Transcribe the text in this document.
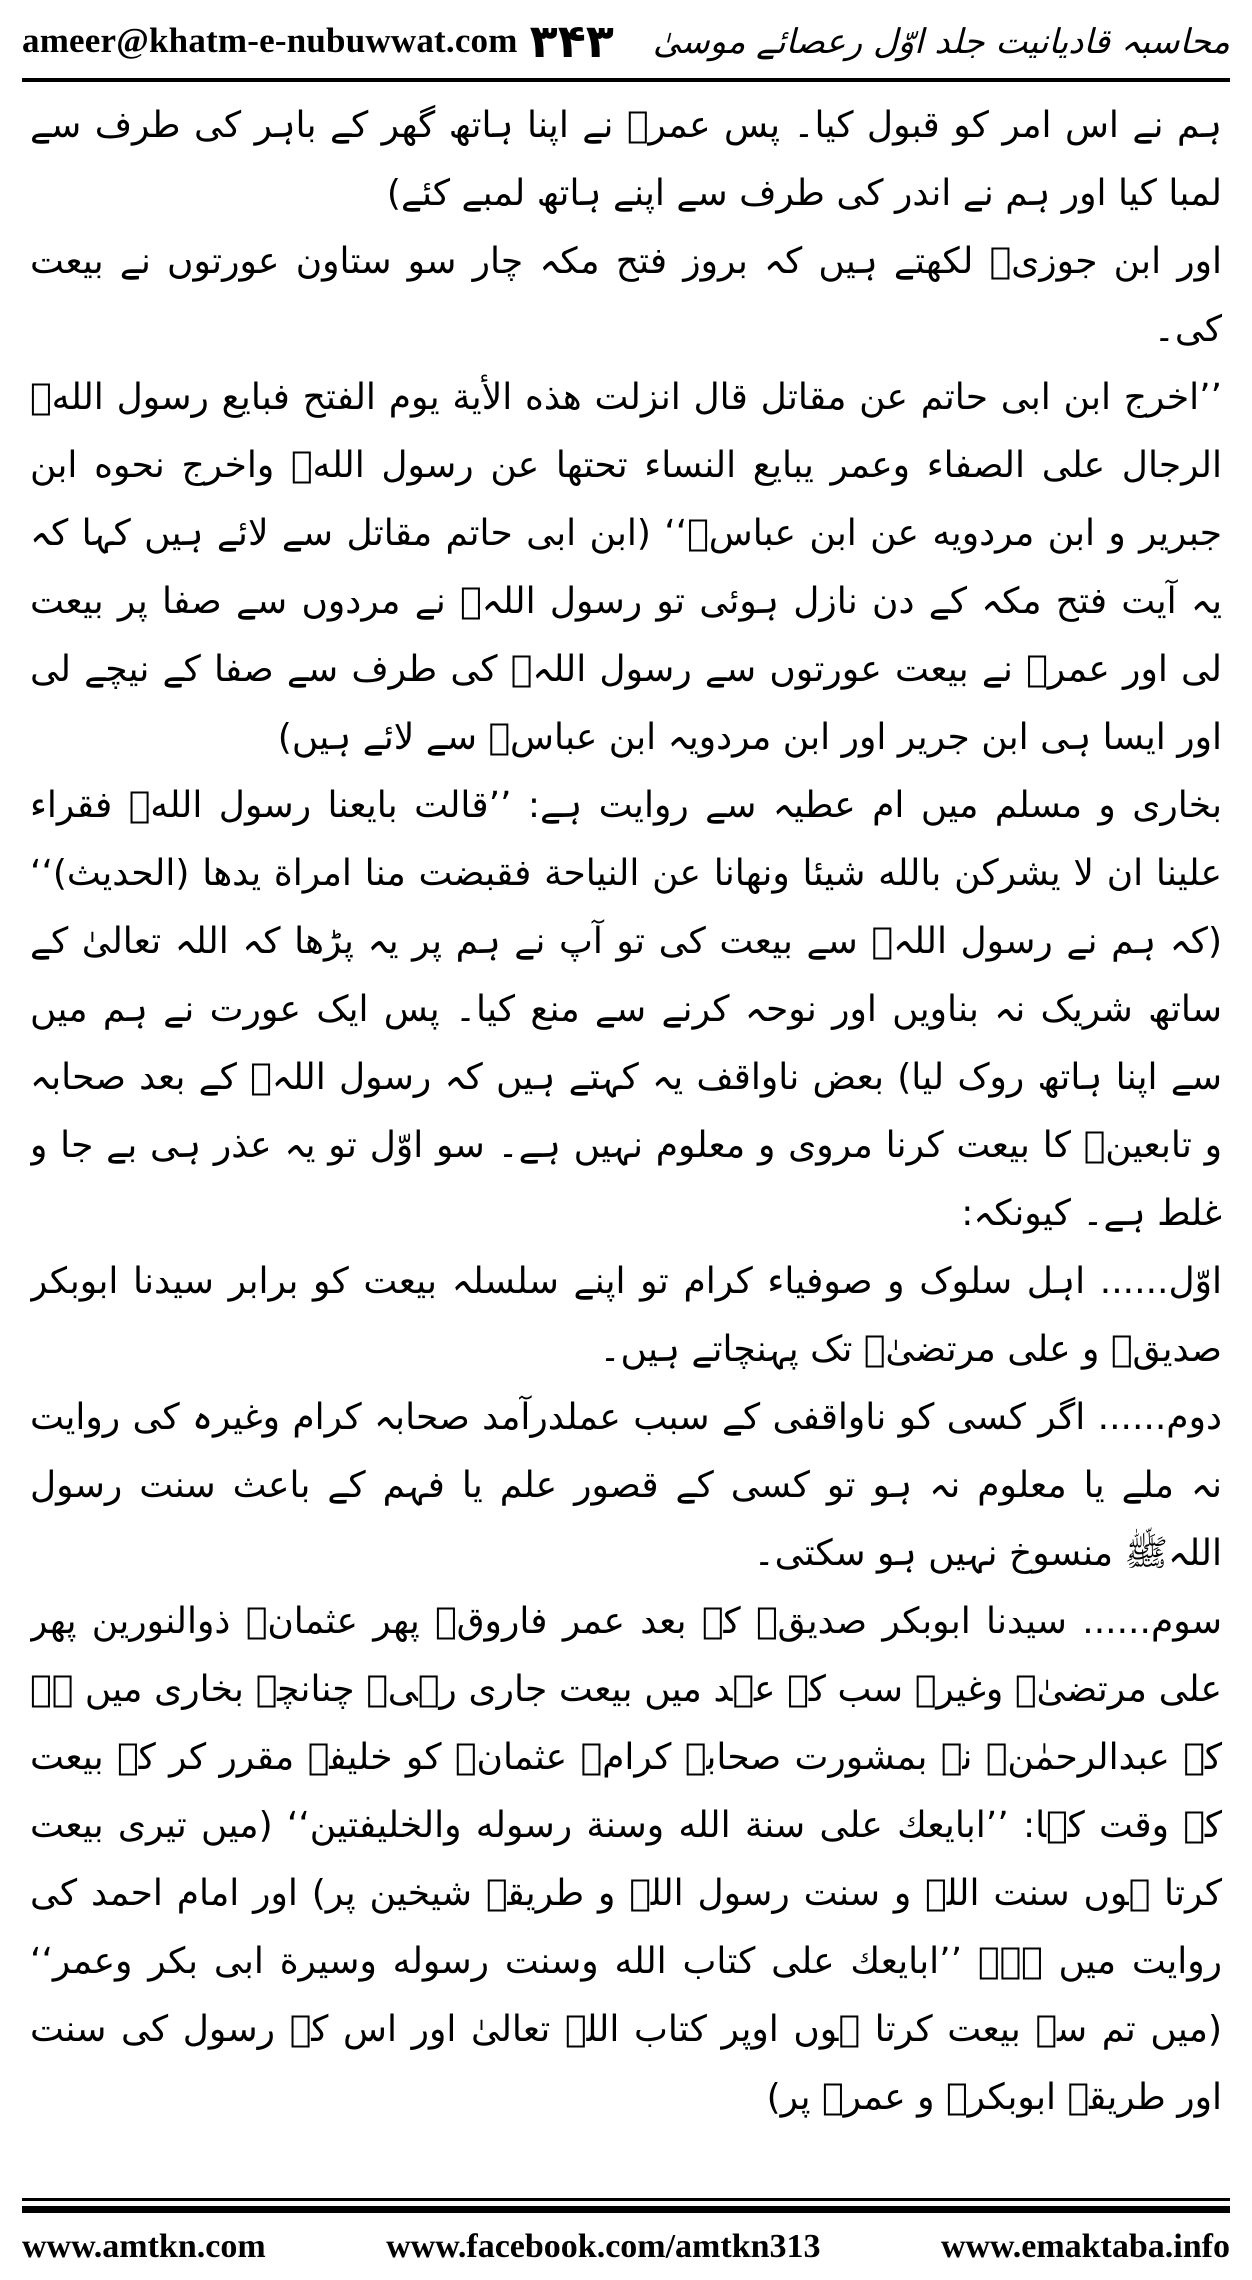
ameer@khatm-e-nubuwwat.com ۳۴۳ محاسبہ قادیانیت جلد اوّل رعصائے موسیٰ

ہم نے اس امر کو قبول کیا۔ پس عمرؓ نے اپنا ہاتھ گھر کے باہر کی طرف سے لمبا کیا اور ہم نے اندر کی طرف سے اپنے ہاتھ لمبے کئے)

اور ابن جوزیؒ لکھتے ہیں کہ بروز فتح مکہ چار سو ستاون عورتوں نے بیعت کی۔

’’اخرج ابن ابی حاتم عن مقاتل قال انزلت هذه الأية يوم الفتح فبايع رسول اللهﷺ الرجال على الصفاء وعمر يبايع النساء تحتها عن رسول اللهﷺ واخرج نحوه ابن جبرير و ابن مردويه عن ابن عباسؓ‘‘ (ابن ابی حاتم مقاتل سے لائے ہیں کہا کہ یہ آیت فتح مکہ کے دن نازل ہوئی تو رسول اللہﷺ نے مردوں سے صفا پر بیعت لی اور عمرؓ نے بیعت عورتوں سے رسول اللہﷺ کی طرف سے صفا کے نیچے لی اور ایسا ہی ابن جریر اور ابن مردویہ ابن عباسؓ سے لائے ہیں)

بخاری و مسلم میں ام عطیہ سے روایت ہے: ’’قالت بايعنا رسول اللهﷺ فقراء علينا ان لا يشركن بالله شيئا ونهانا عن النياحة فقبضت منا امراة يدها (الحديث)‘‘ (کہ ہم نے رسول اللہﷺ سے بیعت کی تو آپ نے ہم پر یہ پڑھا کہ اللہ تعالیٰ کے ساتھ شریک نہ بناویں اور نوحہ کرنے سے منع کیا۔ پس ایک عورت نے ہم میں سے اپنا ہاتھ روک لیا) بعض ناواقف یہ کہتے ہیں کہ رسول اللہﷺ کے بعد صحابہ و تابعینؒ کا بیعت کرنا مروی و معلوم نہیں ہے۔ سو اوّل تو یہ عذر ہی بے جا و غلط ہے۔ کیونکہ:

اوّل...... اہل سلوک و صوفیاء کرام تو اپنے سلسلہ بیعت کو برابر سیدنا ابوبکر صدیقؓ و علی مرتضیٰؓ تک پہنچاتے ہیں۔

دوم...... اگر کسی کو ناواقفی کے سبب عملدرآمد صحابہ کرام وغیرہ کی روایت نہ ملے یا معلوم نہ ہو تو کسی کے قصور علم یا فہم کے باعث سنت رسول اللہﷺ منسوخ نہیں ہو سکتی۔

سوم...... سیدنا ابوبکر صدیقؓ کے بعد عمر فاروقؓ پھر عثمانؓ ذوالنورین پھر علی مرتضیٰؓ وغیرہ سب کے عہد میں بیعت جاری رہی۔ چنانچہ بخاری میں ہے کہ عبدالرحمٰنؓ نے بمشورت صحابہ کرامؓ عثمانؓ کو خلیفہ مقرر کر کے بیعت کے وقت کہا: ’’ابايعك على سنة الله وسنة رسوله والخليفتين‘‘ (میں تیری بیعت کرتا ہوں سنت اللہ و سنت رسول اللہ و طریقہ شیخین پر) اور امام احمد کی روایت میں ہے۔ ’’ابايعك على كتاب الله وسنت رسوله وسيرة ابی بكر وعمر‘‘ (میں تم سے بیعت کرتا ہوں اوپر کتاب اللہ تعالیٰ اور اس کے رسول کی سنت اور طریقہ ابوبکرؓ و عمرؓ پر)

www.amtkn.com	www.facebook.com/amtkn313	www.emaktaba.info
